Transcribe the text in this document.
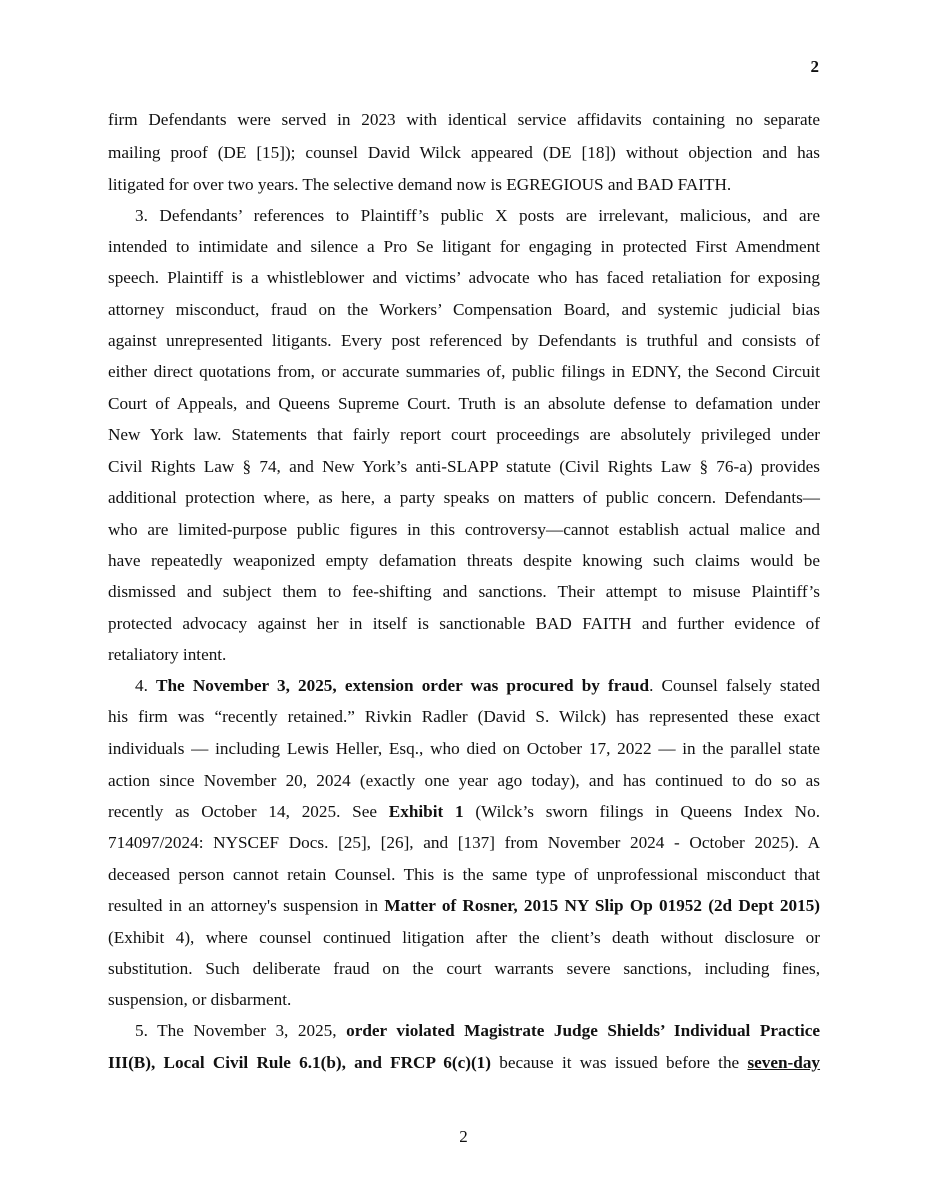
2
firm Defendants were served in 2023 with identical service affidavits containing no separate
mailing proof (DE [15]); counsel David Wilck appeared (DE [18]) without objection and has
litigated for over two years. The selective demand now is EGREGIOUS and BAD FAITH.
3. Defendants’ references to Plaintiff’s public X posts are irrelevant, malicious, and are
intended to intimidate and silence a Pro Se litigant for engaging in protected First Amendment
speech. Plaintiff is a whistleblower and victims’ advocate who has faced retaliation for exposing
attorney misconduct, fraud on the Workers’ Compensation Board, and systemic judicial bias
against unrepresented litigants. Every post referenced by Defendants is truthful and consists of
either direct quotations from, or accurate summaries of, public filings in EDNY, the Second Circuit
Court of Appeals, and Queens Supreme Court. Truth is an absolute defense to defamation under
New York law. Statements that fairly report court proceedings are absolutely privileged under
Civil Rights Law § 74, and New York’s anti-SLAPP statute (Civil Rights Law § 76-a) provides
additional protection where, as here, a party speaks on matters of public concern. Defendants—
who are limited-purpose public figures in this controversy—cannot establish actual malice and
have repeatedly weaponized empty defamation threats despite knowing such claims would be
dismissed and subject them to fee-shifting and sanctions. Their attempt to misuse Plaintiff’s
protected advocacy against her in itself is sanctionable BAD FAITH and further evidence of
retaliatory intent.
4. The November 3, 2025, extension order was procured by fraud. Counsel falsely stated
his firm was “recently retained.” Rivkin Radler (David S. Wilck) has represented these exact
individuals — including Lewis Heller, Esq., who died on October 17, 2022 — in the parallel state
action since November 20, 2024 (exactly one year ago today), and has continued to do so as
recently as October 14, 2025. See Exhibit 1 (Wilck’s sworn filings in Queens Index No.
714097/2024: NYSCEF Docs. [25], [26], and [137] from November 2024 - October 2025). A
deceased person cannot retain Counsel. This is the same type of unprofessional misconduct that
resulted in an attorney's suspension in Matter of Rosner, 2015 NY Slip Op 01952 (2d Dept 2015)
(Exhibit 4), where counsel continued litigation after the client’s death without disclosure or
substitution. Such deliberate fraud on the court warrants severe sanctions, including fines,
suspension, or disbarment.
5. The November 3, 2025, order violated Magistrate Judge Shields’ Individual Practice
III(B), Local Civil Rule 6.1(b), and FRCP 6(c)(1) because it was issued before the seven-day
2
